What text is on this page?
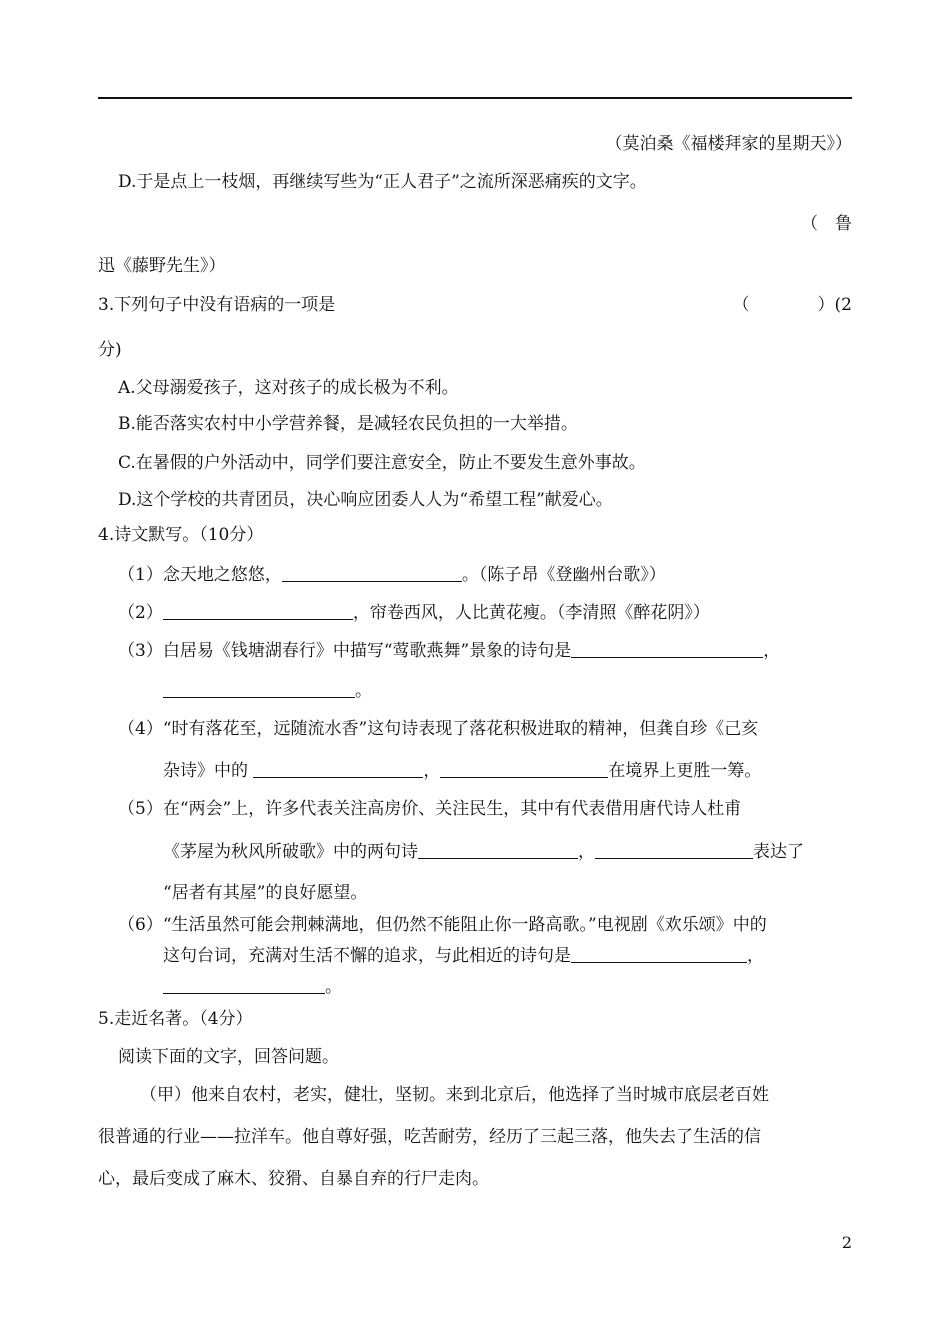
（莫泊桑《福楼拜家的星期天》）
D.于是点上一枝烟，再继续写些为“正人君子”之流所深恶痛疾的文字。
（　鲁
迅《藤野先生》）
3.下列句子中没有语病的一项是	（　　　　）(2
分)
A.父母溺爱孩子，这对孩子的成长极为不利。
B.能否落实农村中小学营养餐，是减轻农民负担的一大举措。
C.在暑假的户外活动中，同学们要注意安全，防止不要发生意外事故。
D.这个学校的共青团员，决心响应团委人人为“希望工程”献爱心。
4.诗文默写。（10分）
（1）念天地之悠悠，	。（陈子昂《登幽州台歌》）
（2）	，帘卷西风，人比黄花瘦。（李清照《醉花阴》）
（3）白居易《钱塘湖春行》中描写“莺歌燕舞”景象的诗句是	，
。
（4）“时有落花至，远随流水香”这句诗表现了落花积极进取的精神，但龚自珍《己亥
杂诗》中的	，	在境界上更胜一筹。
（5）在“两会”上，许多代表关注高房价、关注民生，其中有代表借用唐代诗人杜甫
《茅屋为秋风所破歌》中的两句诗	，	表达了
“居者有其屋”的良好愿望。
（6）“生活虽然可能会荆棘满地，但仍然不能阻止你一路高歌。”电视剧《欢乐颂》中的
这句台词，充满对生活不懈的追求，与此相近的诗句是	，
。
5.走近名著。（4分）
阅读下面的文字，回答问题。
（甲）他来自农村，老实，健壮，坚韧。来到北京后，他选择了当时城市底层老百姓
很普通的行业——拉洋车。他自尊好强，吃苦耐劳，经历了三起三落，他失去了生活的信
心，最后变成了麻木、狡猾、自暴自弃的行尸走肉。
2
